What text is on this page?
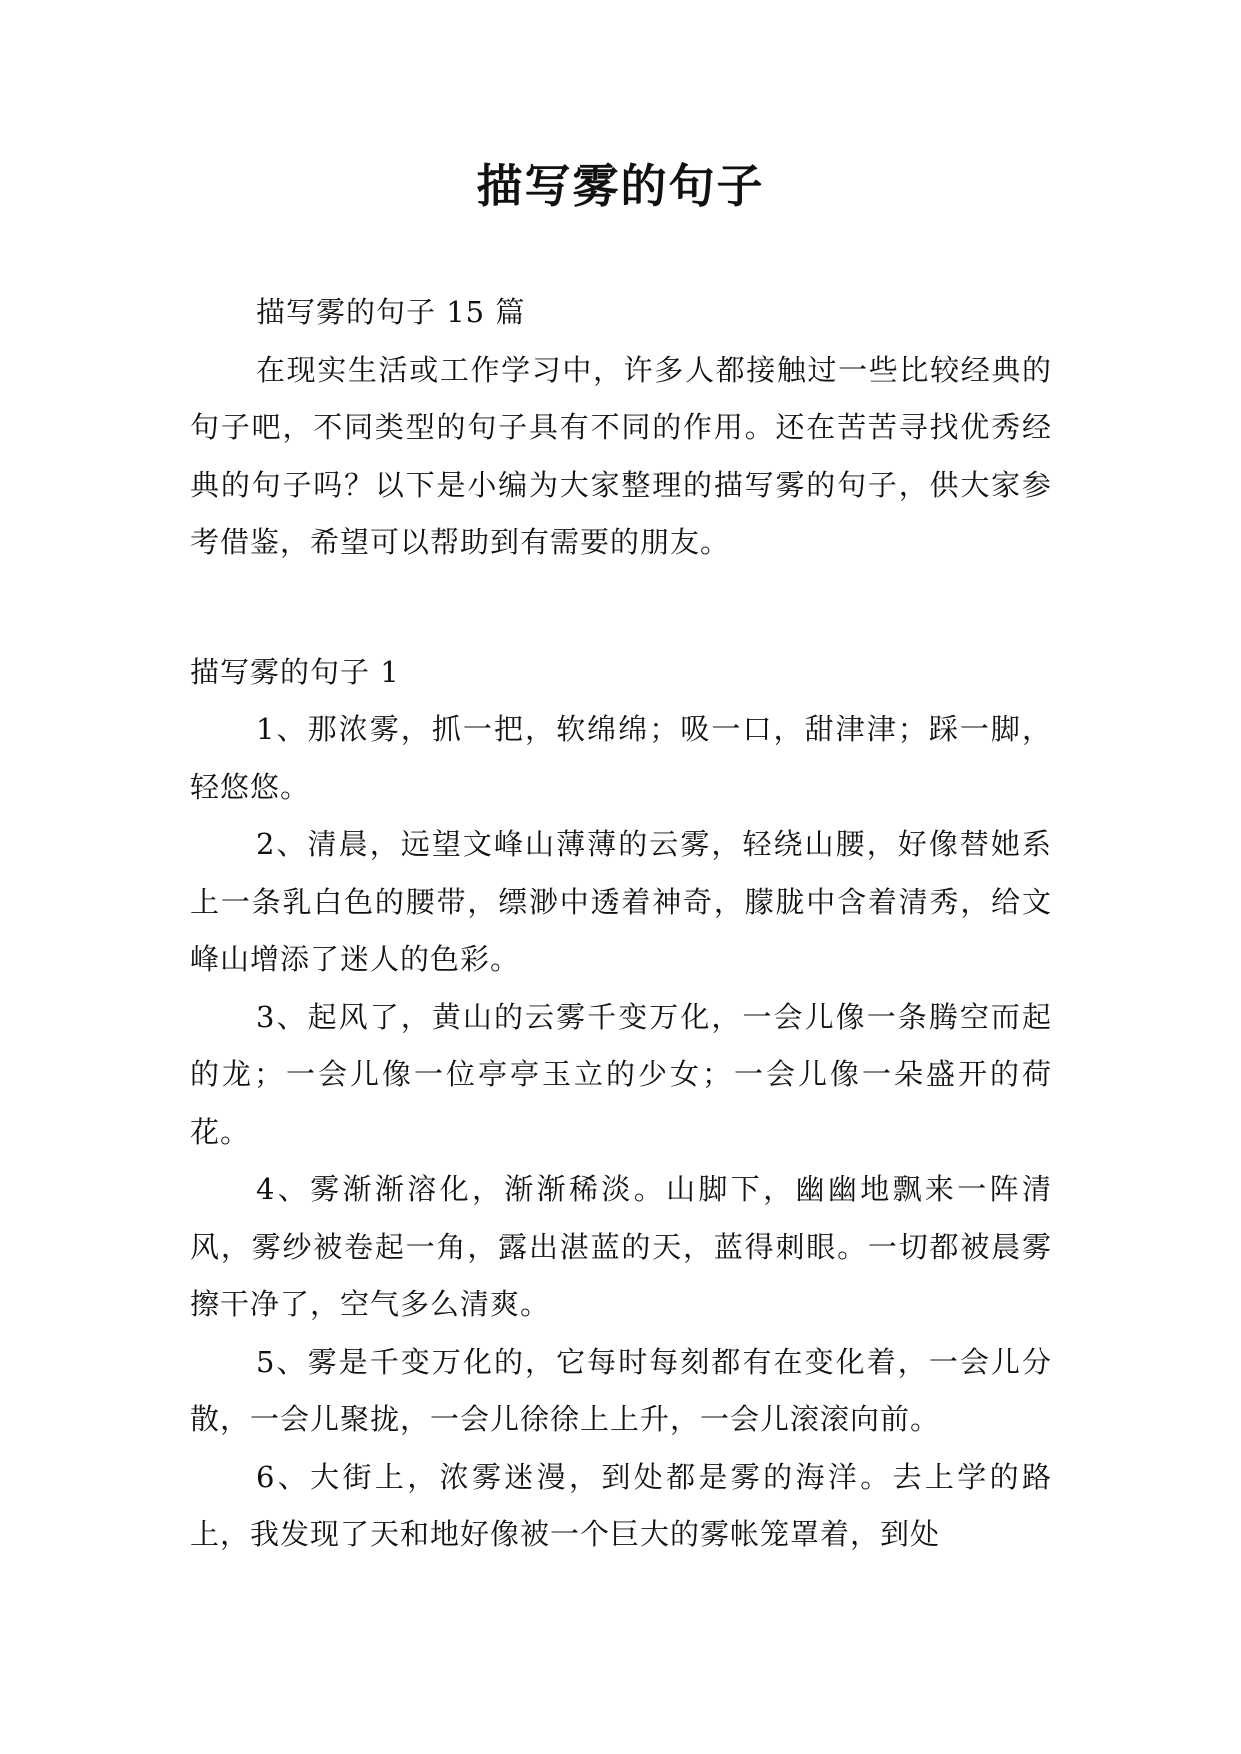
描写雾的句子

描写雾的句子 15 篇

在现实生活或工作学习中，许多人都接触过一些比较经典的句子吧，不同类型的句子具有不同的作用。还在苦苦寻找优秀经典的句子吗？以下是小编为大家整理的描写雾的句子，供大家参考借鉴，希望可以帮助到有需要的朋友。

描写雾的句子 1

1、那浓雾，抓一把，软绵绵；吸一口，甜津津；踩一脚，轻悠悠。

2、清晨，远望文峰山薄薄的云雾，轻绕山腰，好像替她系上一条乳白色的腰带，缥渺中透着神奇，朦胧中含着清秀，给文峰山增添了迷人的色彩。

3、起风了，黄山的云雾千变万化，一会儿像一条腾空而起的龙；一会儿像一位亭亭玉立的少女；一会儿像一朵盛开的荷花。

4、雾渐渐溶化，渐渐稀淡。山脚下，幽幽地飘来一阵清风，雾纱被卷起一角，露出湛蓝的天，蓝得刺眼。一切都被晨雾擦干净了，空气多么清爽。

5、雾是千变万化的，它每时每刻都有在变化着，一会儿分散，一会儿聚拢，一会儿徐徐上上升，一会儿滚滚向前。

6、大街上，浓雾迷漫，到处都是雾的海洋。去上学的路上，我发现了天和地好像被一个巨大的雾帐笼罩着，到处
